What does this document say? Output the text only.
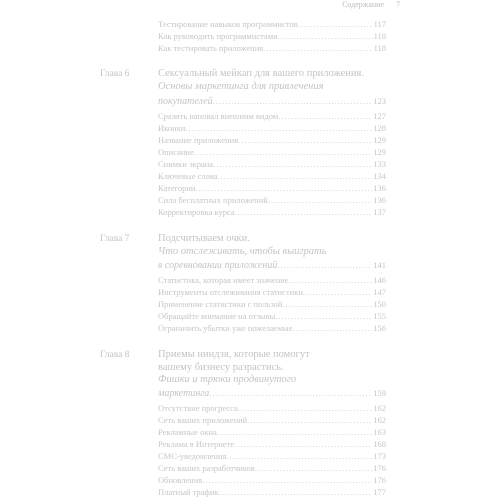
Содержание 7
Тестирование навыков программистов .....	117
Как руководить программистами .....	118
Как тестировать приложения .....	118
Глава 6	Сексуальный мейкап для вашего приложения.
Основы маркетинга для привлечения
покупателей .....	123
Сразить наповал внешним видом .....	127
Иконки .....	128
Название приложения .....	129
Описание .....	129
Снимки экрана .....	133
Ключевые слова .....	134
Категории .....	136
Сила бесплатных приложений .....	136
Корректировка курса .....	137
Глава 7	Подсчитываем очки.
Что отслеживать, чтобы выиграть
в соревновании приложений .....	141
Статистика, которая имеет значение .....	146
Инструменты отслеживания статистики .....	147
Применение статистики с пользой .....	150
Обращайте внимание на отзывы .....	155
Ограничить убытки уже пожелаемые .....	156
Глава 8	Приемы ниндзя, которые помогут
вашему бизнесу разрастись.
Фишки и трюки продвинутого
маркетинга .....	159
Отсутствие прогресса .....	162
Сеть ваших приложений .....	162
Рекламные окна .....	163
Реклама в Интернете .....	168
СМС-уведомления .....	173
Сеть ваших разработчиков .....	176
Обновления .....	176
Платный трафик .....	177
